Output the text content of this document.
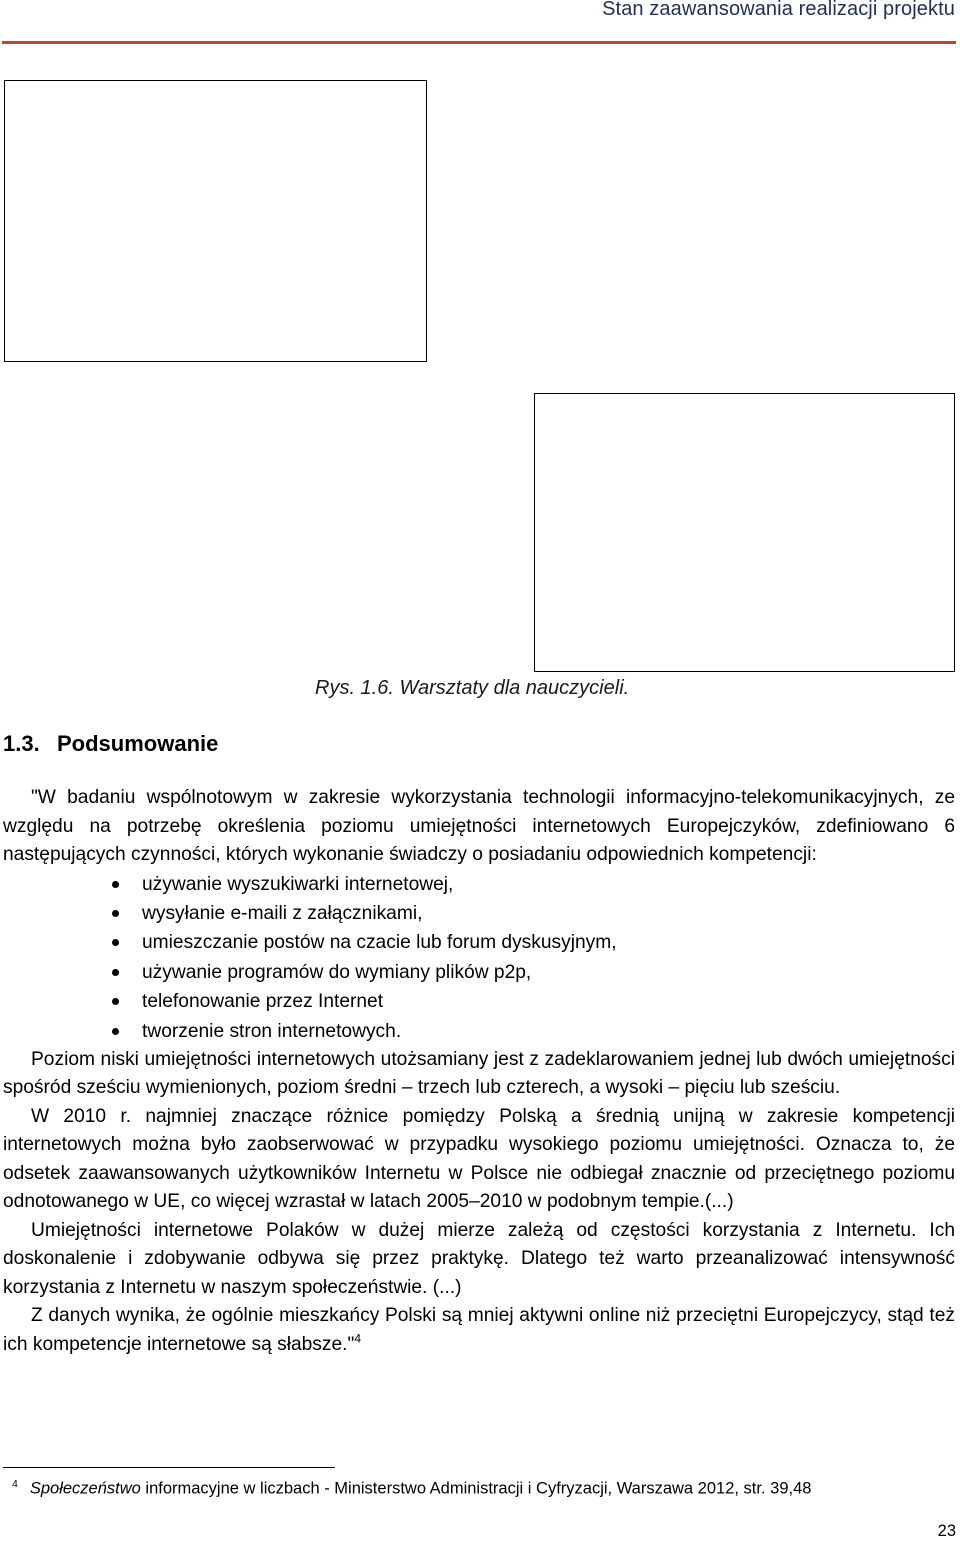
Stan zaawansowania realizacji projektu
Rys. 1.6. Warsztaty dla nauczycieli.
1.3. Podsumowanie

"W badaniu wspólnotowym w zakresie wykorzystania technologii informacyjno-telekomunikacyjnych, ze względu na potrzebę określenia poziomu umiejętności internetowych Europejczyków, zdefiniowano 6 następujących czynności, których wykonanie świadczy o posiadaniu odpowiednich kompetencji:

używanie wyszukiwarki internetowej,
wysyłanie e-maili z załącznikami,
umieszczanie postów na czacie lub forum dyskusyjnym,
używanie programów do wymiany plików p2p,
telefonowanie przez Internet
tworzenie stron internetowych.

Poziom niski umiejętności internetowych utożsamiany jest z zadeklarowaniem jednej lub dwóch umiejętności spośród sześciu wymienionych, poziom średni – trzech lub czterech, a wysoki – pięciu lub sześciu.

W 2010 r. najmniej znaczące różnice pomiędzy Polską a średnią unijną w zakresie kompetencji internetowych można było zaobserwować w przypadku wysokiego poziomu umiejętności. Oznacza to, że odsetek zaawansowanych użytkowników Internetu w Polsce nie odbiegał znacznie od przeciętnego poziomu odnotowanego w UE, co więcej wzrastał w latach 2005–2010 w podobnym tempie.(...)

Umiejętności internetowe Polaków w dużej mierze zależą od częstości korzystania z Internetu. Ich doskonalenie i zdobywanie odbywa się przez praktykę. Dlatego też warto przeanalizować intensywność korzystania z Internetu w naszym społeczeństwie. (...)

Z danych wynika, że ogólnie mieszkańcy Polski są mniej aktywni online niż przeciętni Europejczycy, stąd też ich kompetencje internetowe są słabsze."$^4$

$^4$ Społeczeństwo informacyjne w liczbach - Ministerstwo Administracji i Cyfryzacji, Warszawa 2012, str. 39,48
23
